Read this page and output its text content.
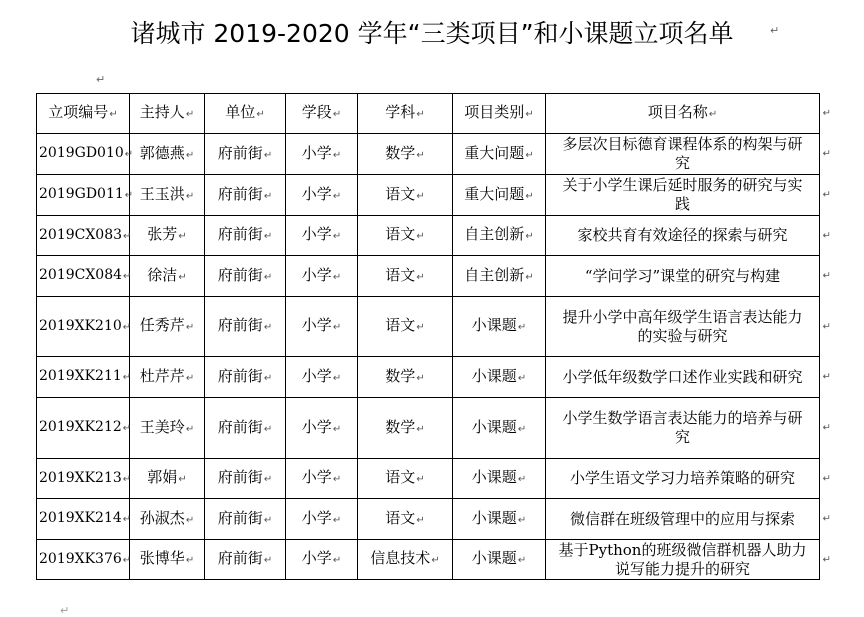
诸城市 2019-2020 学年“三类项目”和小课题立项名单	↵
↵
立项编号↵	主持人↵	单位↵	学段↵	学科↵	项目类别↵	项目名称↵ ↵

2019GD010↵	郭德燕↵	府前街↵	小学↵	数学↵	重大问题↵	多层次目标德育课程体系的构架与研究 ↵

2019GD011↵	王玉洪↵	府前街↵	小学↵	语文↵	重大问题↵	关于小学生课后延时服务的研究与实践 ↵

2019CX083↵	张芳↵	府前街↵	小学↵	语文↵	自主创新↵	家校共育有效途径的探索与研究 ↵

2019CX084↵	徐洁↵	府前街↵	小学↵	语文↵	自主创新↵	“学问学习”课堂的研究与构建 ↵

2019XK210↵	任秀芹↵	府前街↵	小学↵	语文↵	小课题↵	提升小学中高年级学生语言表达能力的实验与研究 ↵

2019XK211↵	杜芹芹↵	府前街↵	小学↵	数学↵	小课题↵	小学低年级数学口述作业实践和研究 ↵

2019XK212↵	王美玲↵	府前街↵	小学↵	数学↵	小课题↵	小学生数学语言表达能力的培养与研究 ↵

2019XK213↵	郭娟↵	府前街↵	小学↵	语文↵	小课题↵	小学生语文学习力培养策略的研究 ↵

2019XK214↵	孙淑杰↵	府前街↵	小学↵	语文↵	小课题↵	微信群在班级管理中的应用与探索 ↵

2019XK376↵	张博华↵	府前街↵	小学↵	信息技术↵	小课题↵	基于Python的班级微信群机器人助力说写能力提升的研究 ↵
↵
